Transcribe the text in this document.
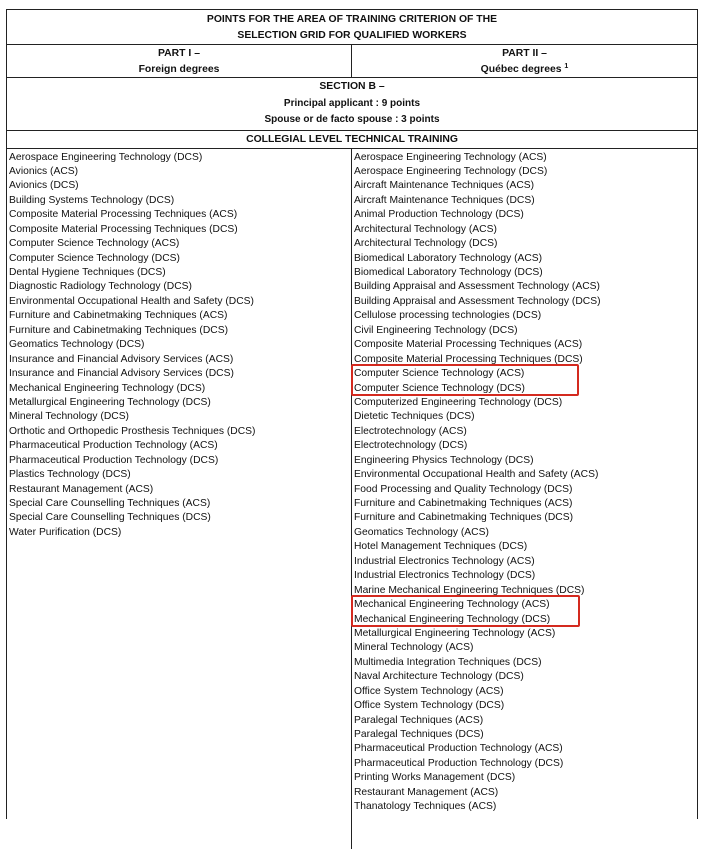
POINTS FOR THE AREA OF TRAINING CRITERION OF THE
SELECTION GRID FOR QUALIFIED WORKERS
PART I –
Foreign degrees
PART II –
Québec degrees $^1$
SECTION B –
Principal applicant : 9 points
Spouse or de facto spouse : 3 points
COLLEGIAL LEVEL TECHNICAL TRAINING
Aerospace Engineering Technology (DCS)
Avionics (ACS)
Avionics (DCS)
Building Systems Technology (DCS)
Composite Material Processing Techniques (ACS)
Composite Material Processing Techniques (DCS)
Computer Science Technology (ACS)
Computer Science Technology (DCS)
Dental Hygiene Techniques (DCS)
Diagnostic Radiology Technology (DCS)
Environmental Occupational Health and Safety (DCS)
Furniture and Cabinetmaking Techniques (ACS)
Furniture and Cabinetmaking Techniques (DCS)
Geomatics Technology (DCS)
Insurance and Financial Advisory Services (ACS)
Insurance and Financial Advisory Services (DCS)
Mechanical Engineering Technology (DCS)
Metallurgical Engineering Technology (DCS)
Mineral Technology (DCS)
Orthotic and Orthopedic Prosthesis Techniques (DCS)
Pharmaceutical Production Technology (ACS)
Pharmaceutical Production Technology (DCS)
Plastics Technology (DCS)
Restaurant Management (ACS)
Special Care Counselling Techniques (ACS)
Special Care Counselling Techniques (DCS)
Water Purification (DCS)
Aerospace Engineering Technology (ACS)
Aerospace Engineering Technology (DCS)
Aircraft Maintenance Techniques (ACS)
Aircraft Maintenance Techniques (DCS)
Animal Production Technology (DCS)
Architectural Technology (ACS)
Architectural Technology (DCS)
Biomedical Laboratory Technology (ACS)
Biomedical Laboratory Technology (DCS)
Building Appraisal and Assessment Technology (ACS)
Building Appraisal and Assessment Technology (DCS)
Cellulose processing technologies (DCS)
Civil Engineering Technology (DCS)
Composite Material Processing Techniques (ACS)
Composite Material Processing Techniques (DCS)
Computer Science Technology (ACS)
Computer Science Technology (DCS)
Computerized Engineering Technology (DCS)
Dietetic Techniques (DCS)
Electrotechnology (ACS)
Electrotechnology (DCS)
Engineering Physics Technology (DCS)
Environmental Occupational Health and Safety (ACS)
Food Processing and Quality Technology (DCS)
Furniture and Cabinetmaking Techniques (ACS)
Furniture and Cabinetmaking Techniques (DCS)
Geomatics Technology (ACS)
Hotel Management Techniques (DCS)
Industrial Electronics Technology (ACS)
Industrial Electronics Technology (DCS)
Marine Mechanical Engineering Techniques (DCS)
Mechanical Engineering Technology (ACS)
Mechanical Engineering Technology (DCS)
Metallurgical Engineering Technology (ACS)
Mineral Technology (ACS)
Multimedia Integration Techniques (DCS)
Naval Architecture Technology (DCS)
Office System Technology (ACS)
Office System Technology (DCS)
Paralegal Techniques (ACS)
Paralegal Techniques (DCS)
Pharmaceutical Production Technology (ACS)
Pharmaceutical Production Technology (DCS)
Printing Works Management (DCS)
Restaurant Management (ACS)
Thanatology Techniques (ACS)
